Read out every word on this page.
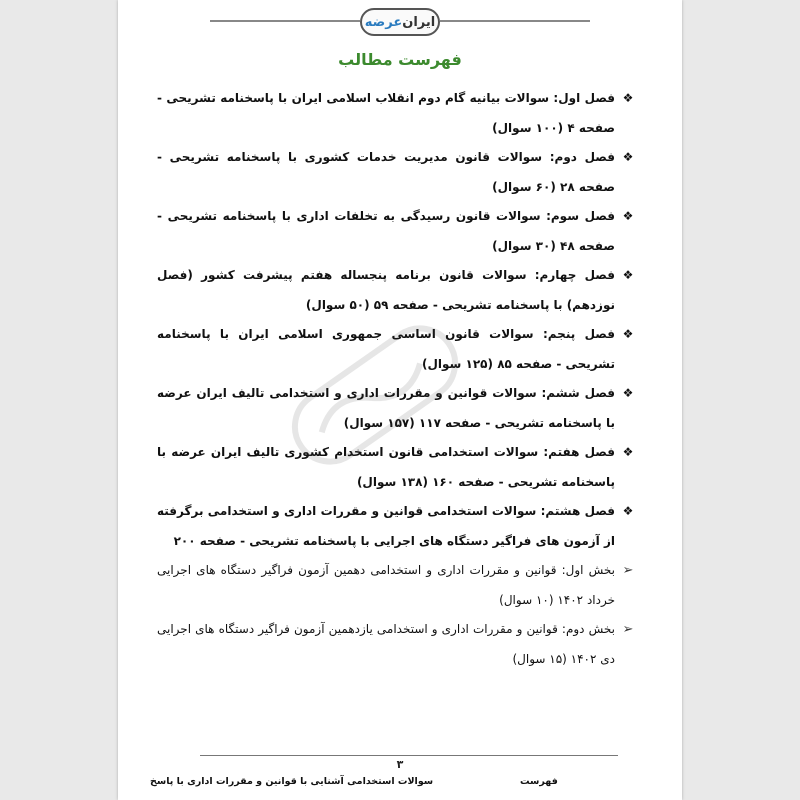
عرضه ایران
فهرست مطالب
❖
فصل اول: سوالات بیانیه گام دوم انقلاب اسلامی ایران با پاسخنامه تشریحی - صفحه ۴ (۱۰۰ سوال)
❖
فصل دوم: سوالات قانون مدیریت خدمات کشوری با پاسخنامه تشریحی - صفحه ۲۸ (۶۰ سوال)
❖
فصل سوم: سوالات قانون رسیدگی به تخلفات اداری با پاسخنامه تشریحی - صفحه ۴۸ (۳۰ سوال)
❖
فصل چهارم: سوالات قانون برنامه پنجساله هفتم پیشرفت کشور (فصل نوزدهم) با پاسخنامه تشریحی - صفحه ۵۹ (۵۰ سوال)
❖
فصل پنجم: سوالات قانون اساسی جمهوری اسلامی ایران با پاسخنامه تشریحی - صفحه ۸۵ (۱۲۵ سوال)
❖
فصل ششم: سوالات قوانین و مقررات اداری و استخدامی تالیف ایران عرضه با پاسخنامه تشریحی - صفحه ۱۱۷ (۱۵۷ سوال)
❖
فصل هفتم: سوالات استخدامی قانون استخدام کشوری تالیف ایران عرضه با پاسخنامه تشریحی - صفحه ۱۶۰ (۱۳۸ سوال)
❖
فصل هشتم: سوالات استخدامی قوانین و مقررات اداری و استخدامی برگرفته از آزمون های فراگیر دستگاه های اجرایی با پاسخنامه تشریحی - صفحه ۲۰۰
➢
بخش اول: قوانین و مقررات اداری و استخدامی دهمین آزمون فراگیر دستگاه های اجرایی خرداد ۱۴۰۲ (۱۰ سوال)
➢
بخش دوم: قوانین و مقررات اداری و استخدامی یازدهمین آزمون فراگیر دستگاه های اجرایی دی ۱۴۰۲ (۱۵ سوال)
۳
سوالات استخدامی آشنایی با قوانین و مقررات اداری با پاسخ	فهرست
